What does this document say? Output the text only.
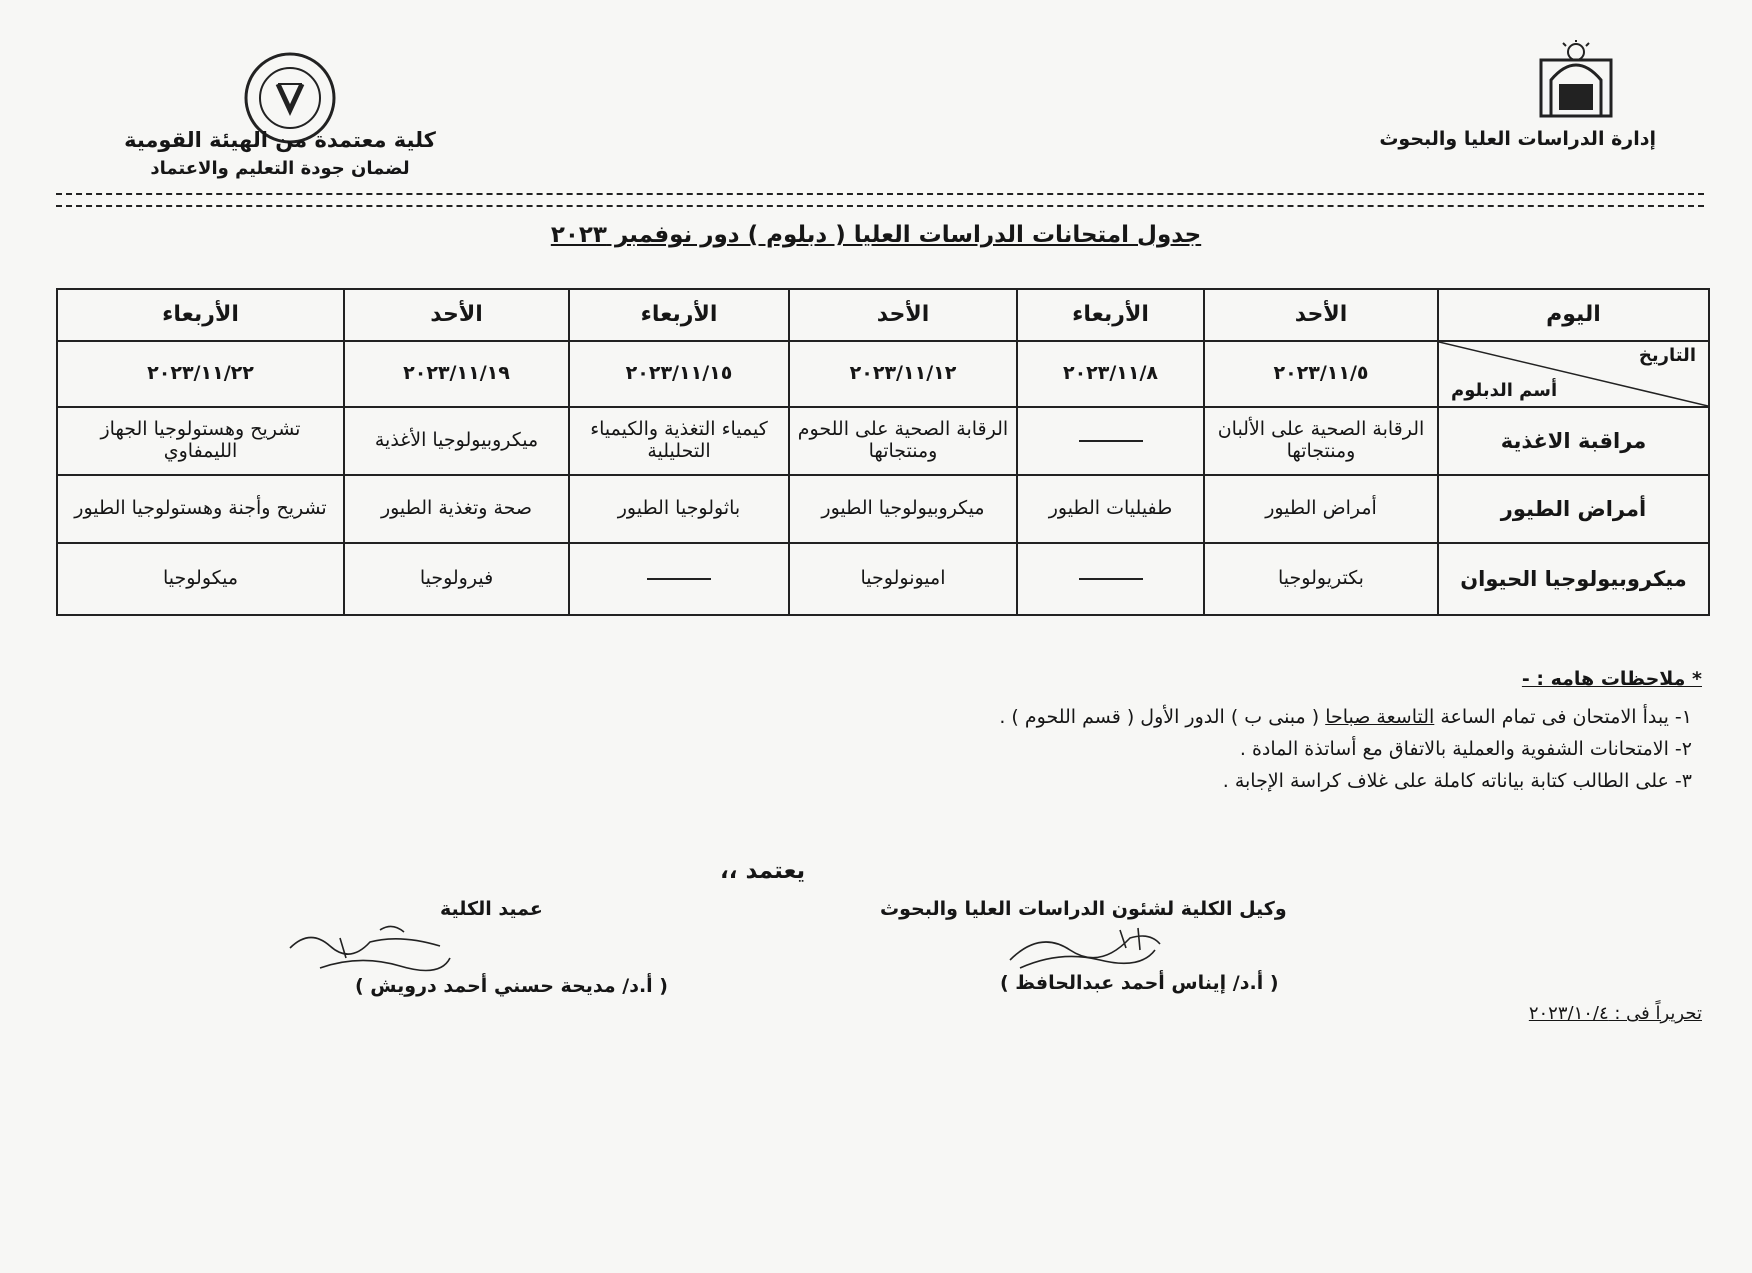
إدارة الدراسات العليا والبحوث
كلية معتمدة من الهيئة القومية
لضمان جودة التعليم والاعتماد
جدول امتحانات الدراسات العليا ( دبلوم ) دور نوفمبر ٢٠٢٣
اليوم	الأحد	الأربعاء	الأحد	الأربعاء	الأحد	الأربعاء

التاريخ
أسم الدبلوم	٢٠٢٣/١١/٥	٢٠٢٣/١١/٨	٢٠٢٣/١١/١٢	٢٠٢٣/١١/١٥	٢٠٢٣/١١/١٩	٢٠٢٣/١١/٢٢
مراقبة الاغذية	الرقابة الصحية على الألبان ومنتجاتها		الرقابة الصحية على اللحوم ومنتجاتها	كيمياء التغذية والكيمياء التحليلية	ميكروبيولوجيا الأغذية	تشريح وهستولوجيا الجهاز الليمفاوي
أمراض الطيور	أمراض الطيور	طفيليات الطيور	ميكروبيولوجيا الطيور	باثولوجيا الطيور	صحة وتغذية الطيور	تشريح وأجنة وهستولوجيا الطيور
ميكروبيولوجيا الحيوان	بكتريولوجيا		اميونولوجيا		فيرولوجيا	ميكولوجيا
* ملاحظات هامه : -
١- يبدأ الامتحان فى تمام الساعة التاسعة صباحا ( مبنى ب ) الدور الأول ( قسم اللحوم ) .
٢- الامتحانات الشفوية والعملية بالاتفاق مع أساتذة المادة .
٣- على الطالب كتابة بياناته كاملة على غلاف كراسة الإجابة .
يعتمد ،،
وكيل الكلية لشئون الدراسات العليا والبحوث
عميد الكلية
( أ.د/ إيناس أحمد عبدالحافظ )
( أ.د/ مديحة حسني أحمد درويش )
تحريراً فى : ٢٠٢٣/١٠/٤
